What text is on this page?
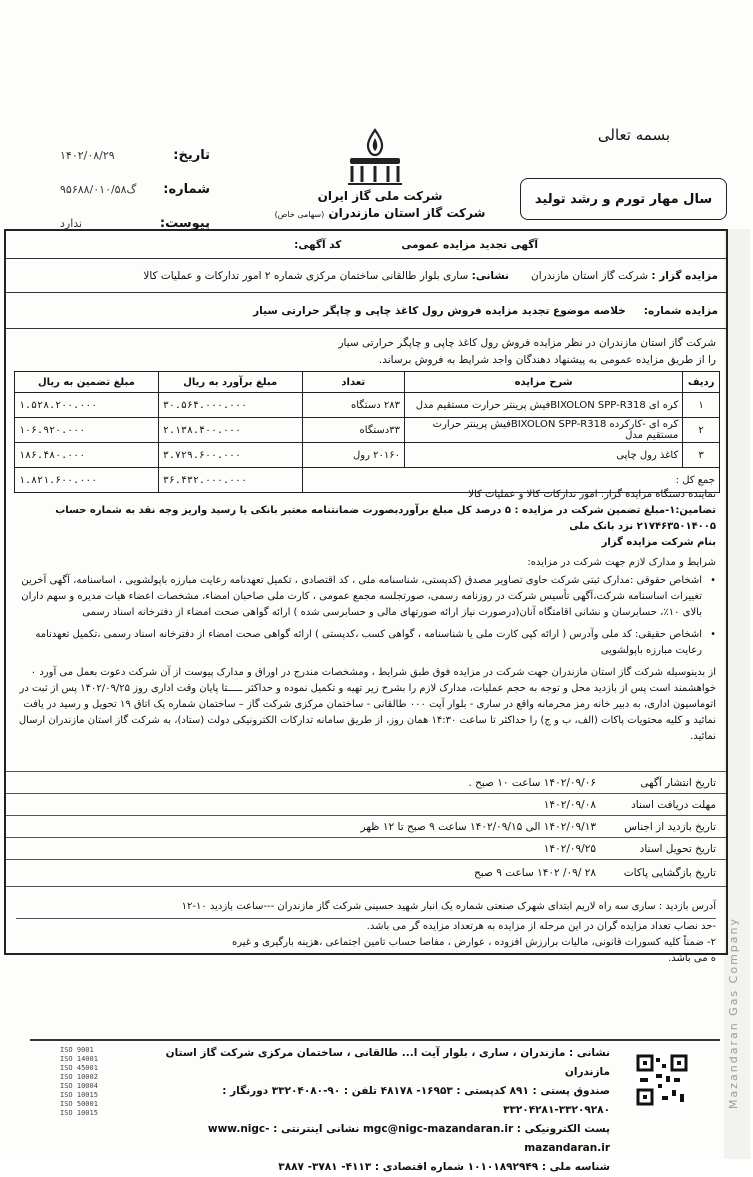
بسمه تعالی
سال مهار تورم و رشد تولید
شرکت ملی گاز ایران
شرکت گاز استان مازندران (سهامی خاص)
تاریخ:
۱۴۰۲/۰۸/۲۹
شماره:
گ۹۵۶۸۸/۰۱۰/۵۸
پیوست:
ندارد
Mazandaran Gas Company
آگهی تجدید مزایده عمومی
کد آگهی:
مزایده گزار :

شرکت گاز استان مازندران
نشانی:

ساری بلوار طالقانی ساختمان مرکزی شماره ۲ امور تدارکات و عملیات کالا
مزایده شماره:
خلاصه موضوع تجدید مزایده فروش رول کاغذ چاپی و چاپگر حرارتی سیار
شرکت گاز استان مازندران در نظر مزایده فروش رول کاغذ چاپی و چاپگر حرارتی سیار
را از طریق مزایده عمومی به پیشنهاد دهندگان واجد شرایط به فروش برساند.
ردیف	شرح مزایده	تعداد	مبلغ برآورد به ریال	مبلغ تضمین به ریال
۱	کره ای BIXOLON SPP-R318فیش پرینتر حرارت مستقیم مدل	۲۸۳ دستگاه	۳۰.۵۶۴.۰۰۰.۰۰۰	۱.۵۲۸.۲۰۰.۰۰۰
۲	کره ای -کارکرده BIXOLON SPP-R318فیش پرینتر حرارت مستقیم مدل	۳۳دستگاه	۲.۱۳۸.۴۰۰.۰۰۰	۱۰۶.۹۲۰.۰۰۰
۳	کاغذ رول چاپی	۲۰۱۶۰ رول	۳.۷۲۹.۶۰۰.۰۰۰	۱۸۶.۴۸۰.۰۰۰
جمع کل :			۳۶.۴۳۲.۰۰۰.۰۰۰	۱.۸۲۱.۶۰۰.۰۰۰
نماینده دستگاه مزایده گزار: امور تدارکات کالا و عملیات کالا
تضامین:۱-مبلغ تضمین شرکت در مزایده : ۵ درصد کل مبلغ برآوردبصورت ضمانتنامه معتبر بانکی یا رسید واریز وجه نقد به شماره حساب ۲۱۷۴۶۳۵۰۱۴۰۰۵ نزد بانک ملی
بنام شرکت مزایده گزار
شرایط و مدارک لازم جهت شرکت در مزایده:
• اشخاص حقوقی :مدارک ثبتی شرکت حاوی تصاویر مصدق (کدپستی، شناسنامه ملی ، کد اقتصادی ، تکمیل تعهدنامه رعایت مبارزه باپولشویی ، اساسنامه، آگهی آخرین تغییرات اساسنامه شرکت،آگهی تأسیس شرکت در روزنامه رسمی، صورتجلسه مجمع عمومی ، کارت ملی صاحبان امضاء، مشخصات اعضاء هیات مدیره و سهم داران بالای ۱۰٪، حسابرسان و نشانی اقامتگاه آنان(درصورت نیاز ارائه صورتهای مالی و حسابرسی شده ) ارائه گواهی صحت امضاء از دفترخانه اسناد رسمی
• اشخاص حقیقی: کد ملی وآدرس ( ارائه کپی کارت ملی یا شناسنامه ، گواهی کسب ،کدپستی ) ارائه گواهی صحت امضاء از دفترخانه اسناد رسمی ،تکمیل تعهدنامه رعایت مبارزه باپولشویی
از بدینوسیله شرکت گاز استان مازندران جهت شرکت در مزایده فوق طبق شرایط ، ومشخصات مندرج در اوراق و مدارک پیوست از آن شرکت دعوت بعمل می آورد ۰ خواهشمند است پس از بازدید محل و توجه به حجم عملیات، مدارک لازم را بشرح زیر تهیه و تکمیل نموده و حداکثر ـــــتا پایان وقت اداری روز ۱۴۰۲/۰۹/۲۵ پس از ثبت در اتوماسیون اداری، به دبیر خانه رمز محرمانه واقع در ساری - بلوار آیت ۰۰۰ طالقانی - ساختمان مرکزی شرکت گاز – ساختمان شماره یک اتاق ۱۹ تحویل و رسید در یافت نمائید و کلیه محتویات پاکات (الف، ب و ج) را حداکثر تا ساعت ۱۴:۳۰ همان روز، از طریق سامانه تدارکات الکترونیکی دولت (ستاد)، به شرکت گاز استان مازندران ارسال نمائید.
تاریخ انتشار آگهی
۱۴۰۲/۰۹/۰۶ ساعت ۱۰ صبح .
مهلت دریافت اسناد
۱۴۰۲/۰۹/۰۸
تاریخ بازدید از اجناس
۱۴۰۲/۰۹/۱۳ الی ۱۴۰۲/۰۹/۱۵ ساعت ۹ صبح تا ۱۲ ظهر
تاریخ تحویل اسناد
۱۴۰۲/۰۹/۲۵
تاریخ بازگشایی پاکات
۲۸ /۰۹/ ۱۴۰۲ ساعت ۹ صبح
آدرس بازدید : ساری سه راه لاریم ابتدای شهرک صنعتی شماره یک انبار شهید حسینی شرکت گاز مازندران ---ساعت بازدید ۱۰-۱۲
-حد نصاب تعداد مزایده گران در این مرحله از مزایده به هرتعداد مزایده گر می باشد.
۲- ضمناً کلیه کسورات قانونی، مالیات برارزش افزوده ، عوارض ، مفاصا حساب تامین اجتماعی ،هزینه بارگیری و غیره
ه می باشد.
ISO 9001
ISO 14001
ISO 45001
ISO 10002
ISO 10004
ISO 10015
ISO 50001
ISO 10015
نشانی : مازندران ، ساری ، بلوار آیت ا... طالقانی ، ساختمان مرکزی شرکت گاز استان مازندران
صندوق پستی : ۸۹۱ کدپستی : ۱۶۹۵۳- ۴۸۱۷۸ تلفن : ۹۰-۳۳۲۰۴۰۸۰ دورنگار : ۳۳۲۰۹۲۸۰-۳۳۲۰۴۲۸۱
پست الکترونیکی : mgc@nigc-mazandaran.ir نشانی اینترنتی : www.nigc-mazandaran.ir
شناسه ملی : ۱۰۱۰۱۸۹۲۹۴۹ شماره اقتصادی : ۴۱۱۳- ۳۷۸۱- ۳۸۸۷
